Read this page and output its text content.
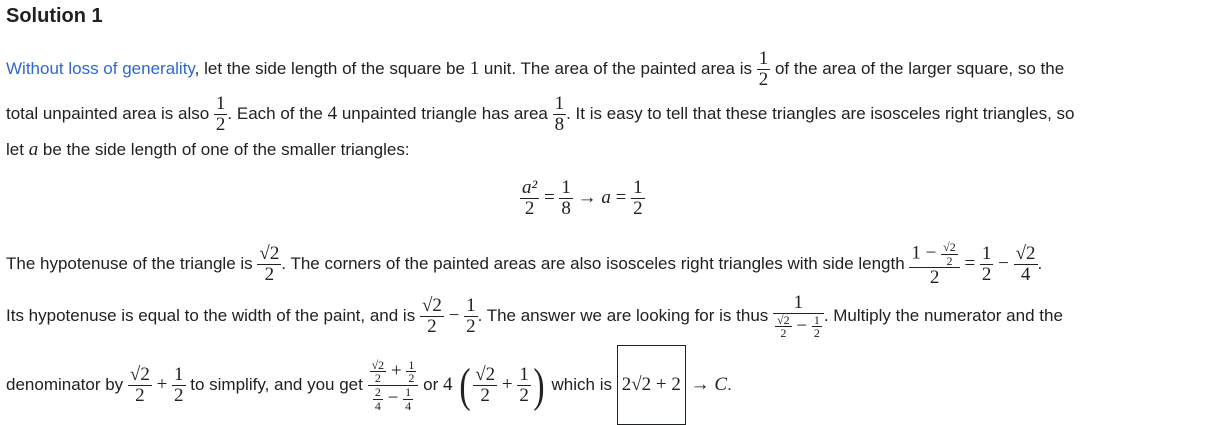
Solution 1
Without loss of generality, let the side length of the square be 1 unit. The area of the painted area is $\frac{1}{2}$ of the area of the larger square, so the
total unpainted area is also $\frac{1}{2}$ . Each of the 4 unpainted triangle has area $\frac{1}{8}$ . It is easy to tell that these triangles are isosceles right triangles, so
let a be the side length of one of the smaller triangles:
$\frac{\text{a²}}{2} = \frac{1}{8} \to a = \frac{1}{2}$
The hypotenuse of the triangle is $\frac{√2}{2}$ . The corners of the painted areas are also isosceles right triangles with side length $\frac{1 - \frac{√2}{2}}{2} = \frac{1}{2} - \frac{√2}{4}$ .
Its hypotenuse is equal to the width of the paint, and is $\frac{√2}{2} - \frac{1}{2}$ . The answer we are looking for is thus $\frac{1}{\frac{√2}{2} - \frac{1}{2}}$ . Multiply the numerator and the
denominator by $\frac{√2}{2} + \frac{1}{2}$ to simplify, and you get $\frac{\frac{√2}{2} + \frac{1}{2}}{\frac{2}{4} - \frac{1}{4}}$ or 4 ( $\frac{√2}{2} + \frac{1}{2}$ ) which is 2√2 + 2 → C.
